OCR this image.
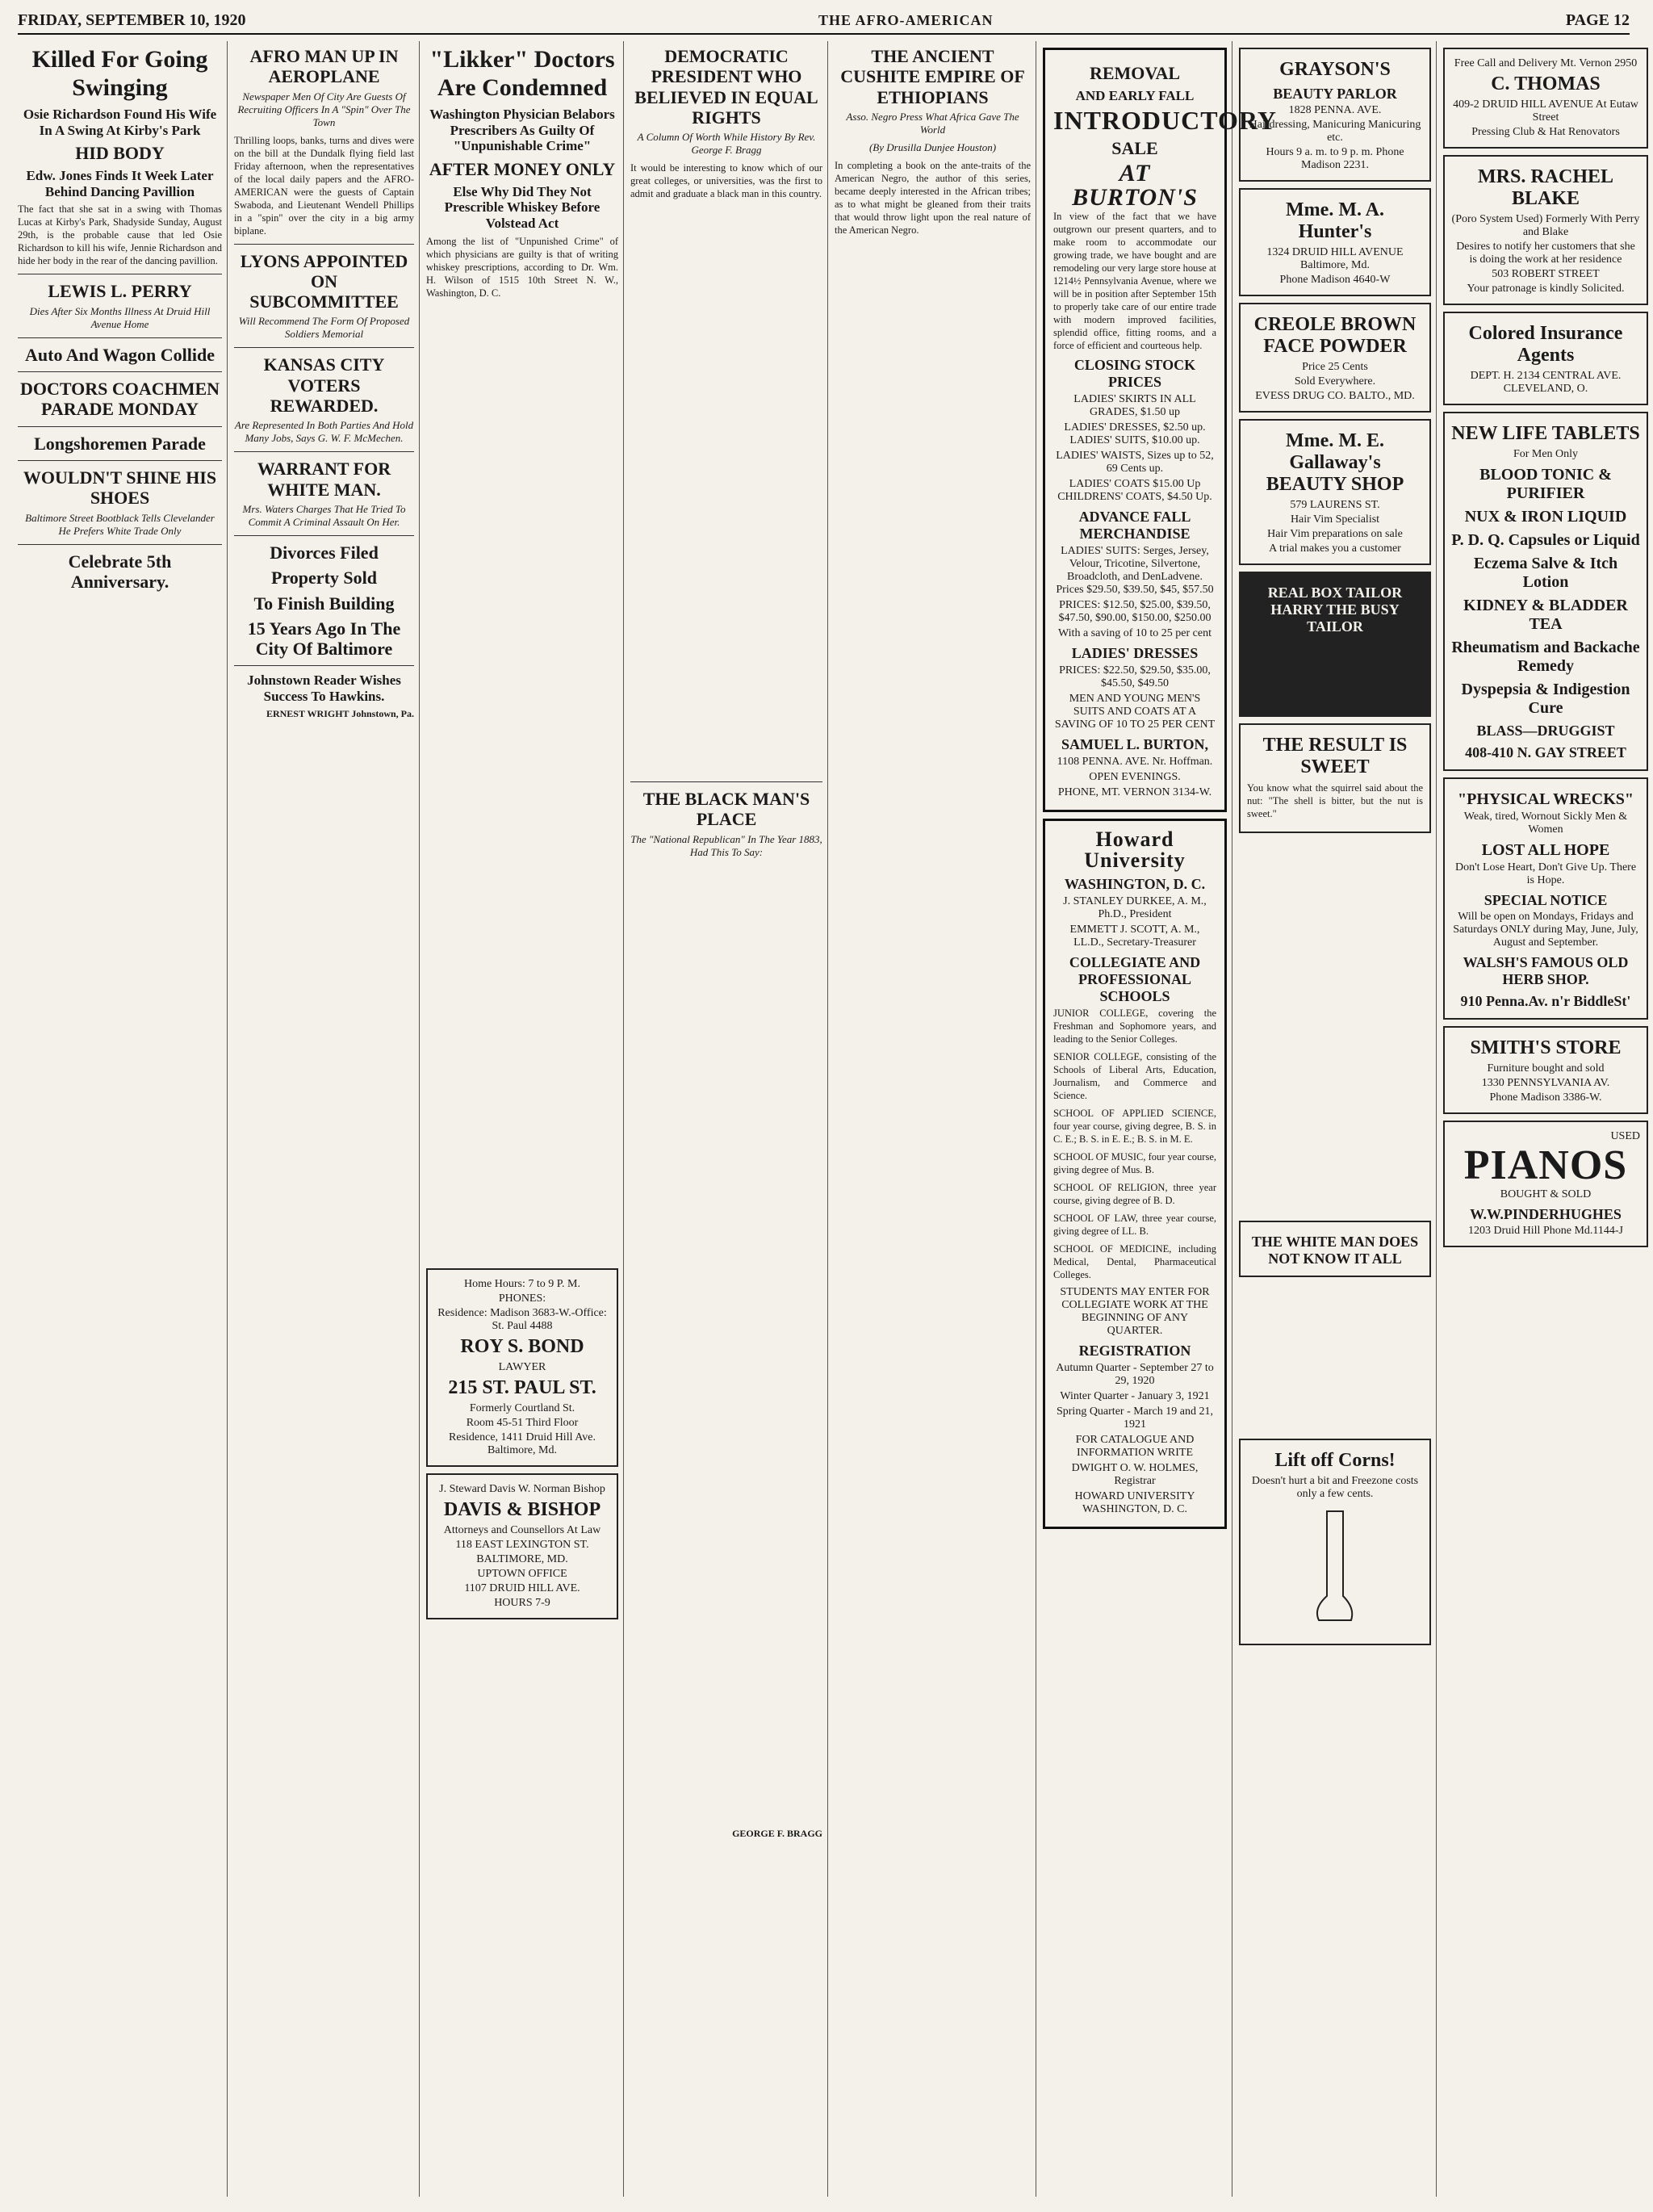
FRIDAY, SEPTEMBER 10, 1920	THE AFRO-AMERICAN	PAGE 12
Killed For Going Swinging
Osie Richardson Found His Wife In A Swing At Kirby's Park
HID BODY
Edw. Jones Finds It Week Later Behind Dancing Pavillion

The fact that she sat in a swing with Thomas Lucas at Kirby's Park, Shadyside Sunday, August 29th, is the probable cause that led Osie Richardson to kill his wife, Jennie Richardson and hide her body in the rear of the dancing pavillion.

LEWIS L. PERRY
Dies After Six Months Illness At Druid Hill Avenue Home
Auto And Wagon Collide
DOCTORS COACHMEN PARADE MONDAY
Longshoremen Parade
WOULDN'T SHINE HIS SHOES
Baltimore Street Bootblack Tells Clevelander He Prefers White Trade Only
Celebrate 5th Anniversary.
AFRO MAN UP IN AEROPLANE
Newspaper Men Of City Are Guests Of Recruiting Officers In A "Spin" Over The Town

Thrilling loops, banks, turns and dives were on the bill at the Dundalk flying field last Friday afternoon, when the representatives of the local daily papers and the AFRO-AMERICAN were the guests of Captain Swaboda, and Lieutenant Wendell Phillips in a "spin" over the city in a big army biplane.

LYONS APPOINTED ON SUBCOMMITTEE
Will Recommend The Form Of Proposed Soldiers Memorial
KANSAS CITY VOTERS REWARDED.
Are Represented In Both Parties And Hold Many Jobs, Says G. W. F. McMechen.
WARRANT FOR WHITE MAN.
Mrs. Waters Charges That He Tried To Commit A Criminal Assault On Her.
Divorces Filed
Property Sold
To Finish Building
15 Years Ago In The City Of Baltimore
Johnstown Reader Wishes Success To Hawkins.
ERNEST WRIGHT Johnstown, Pa.
"Likker" Doctors Are Condemned
Washington Physician Belabors Prescribers As Guilty Of "Unpunishable Crime"
AFTER MONEY ONLY
Else Why Did They Not Prescrible Whiskey Before Volstead Act

Among the list of "Unpunished Crime" of which physicians are guilty is that of writing whiskey prescriptions, according to Dr. Wm. H. Wilson of 1515 10th Street N. W., Washington, D. C.

Home Hours: 7 to 9 P. M.
PHONES:
Residence: Madison 3683-W.-Office: St. Paul 4488
ROY S. BOND
LAWYER
215 ST. PAUL ST.
Formerly Courtland St.
Room 45-51 Third Floor
Residence, 1411 Druid Hill Ave. Baltimore, Md.
J. Steward Davis W. Norman Bishop
DAVIS & BISHOP
Attorneys and Counsellors At Law
118 EAST LEXINGTON ST.
BALTIMORE, MD.
UPTOWN OFFICE
1107 DRUID HILL AVE.
HOURS 7-9
DEMOCRATIC PRESIDENT WHO BELIEVED IN EQUAL RIGHTS
A Column Of Worth While History By Rev. George F. Bragg

It would be interesting to know which of our great colleges, or universities, was the first to admit and graduate a black man in this country.

THE BLACK MAN'S PLACE
The "National Republican" In The Year 1883, Had This To Say:
GEORGE F. BRAGG
THE ANCIENT CUSHITE EMPIRE OF ETHIOPIANS
Asso. Negro Press What Africa Gave The World
(By Drusilla Dunjee Houston)

In completing a book on the ante-traits of the American Negro, the author of this series, became deeply interested in the African tribes; as to what might be gleaned from their traits that would throw light upon the real nature of the American Negro.

REMOVAL
AND EARLY FALL
INTRODUCTORY
SALE
AT BURTON'S

In view of the fact that we have outgrown our present quarters, and to make room to accommodate our growing trade, we have bought and are remodeling our very large store house at 1214½ Pennsylvania Avenue, where we will be in position after September 15th to properly take care of our entire trade with modern improved facilities, splendid office, fitting rooms, and a force of efficient and courteous help.

CLOSING STOCK PRICES
LADIES' SKIRTS IN ALL GRADES, $1.50 up
LADIES' DRESSES, $2.50 up. LADIES' SUITS, $10.00 up.
LADIES' WAISTS, Sizes up to 52, 69 Cents up.
LADIES' COATS $15.00 Up CHILDRENS' COATS, $4.50 Up.
ADVANCE FALL MERCHANDISE
LADIES' SUITS: Serges, Jersey, Velour, Tricotine, Silvertone, Broadcloth, and DenLadvene. Prices $29.50, $39.50, $45, $57.50
PRICES: $12.50, $25.00, $39.50, $47.50, $90.00, $150.00, $250.00
With a saving of 10 to 25 per cent
LADIES' DRESSES
PRICES: $22.50, $29.50, $35.00, $45.50, $49.50
MEN AND YOUNG MEN'S SUITS AND COATS AT A SAVING OF 10 TO 25 PER CENT
SAMUEL L. BURTON,
1108 PENNA. AVE. Nr. Hoffman.
OPEN EVENINGS.
PHONE, MT. VERNON 3134-W.
Howard University
WASHINGTON, D. C.
J. STANLEY DURKEE, A. M., Ph.D., President
EMMETT J. SCOTT, A. M., LL.D., Secretary-Treasurer
COLLEGIATE AND PROFESSIONAL SCHOOLS

JUNIOR COLLEGE, covering the Freshman and Sophomore years, and leading to the Senior Colleges.

SENIOR COLLEGE, consisting of the Schools of Liberal Arts, Education, Journalism, and Commerce and Science.

SCHOOL OF APPLIED SCIENCE, four year course, giving degree, B. S. in C. E.; B. S. in E. E.; B. S. in M. E.

SCHOOL OF MUSIC, four year course, giving degree of Mus. B.

SCHOOL OF RELIGION, three year course, giving degree of B. D.

SCHOOL OF LAW, three year course, giving degree of LL. B.

SCHOOL OF MEDICINE, including Medical, Dental, Pharmaceutical Colleges.

STUDENTS MAY ENTER FOR COLLEGIATE WORK AT THE BEGINNING OF ANY QUARTER.
REGISTRATION
Autumn Quarter - September 27 to 29, 1920
Winter Quarter - January 3, 1921
Spring Quarter - March 19 and 21, 1921
FOR CATALOGUE AND INFORMATION WRITE
DWIGHT O. W. HOLMES, Registrar
HOWARD UNIVERSITY WASHINGTON, D. C.
GRAYSON'S
BEAUTY PARLOR
1828 PENNA. AVE.
Hairdressing, Manicuring Manicuring etc.
Hours 9 a. m. to 9 p. m. Phone Madison 2231.
Mme. M. A. Hunter's
1324 DRUID HILL AVENUE Baltimore, Md.
Phone Madison 4640-W
CREOLE BROWN FACE POWDER
Price 25 Cents
Sold Everywhere.
EVESS DRUG CO. BALTO., MD.
Mme. M. E. Gallaway's BEAUTY SHOP
579 LAURENS ST.
Hair Vim Specialist
Hair Vim preparations on sale
A trial makes you a customer
REAL BOX TAILOR HARRY THE BUSY TAILOR
THE RESULT IS SWEET

You know what the squirrel said about the nut: "The shell is bitter, but the nut is sweet."

THE WHITE MAN DOES NOT KNOW IT ALL
Lift off Corns!
Doesn't hurt a bit and Freezone costs only a few cents.
Free Call and Delivery Mt. Vernon 2950
C. THOMAS
409-2 DRUID HILL AVENUE At Eutaw Street
Pressing Club & Hat Renovators
MRS. RACHEL BLAKE
(Poro System Used) Formerly With Perry and Blake
Desires to notify her customers that she is doing the work at her residence
503 ROBERT STREET
Your patronage is kindly Solicited.
Colored Insurance Agents
DEPT. H. 2134 CENTRAL AVE. CLEVELAND, O.
NEW LIFE TABLETS
For Men Only
BLOOD TONIC & PURIFIER
NUX & IRON LIQUID
P. D. Q. Capsules or Liquid
Eczema Salve & Itch Lotion
KIDNEY & BLADDER TEA
Rheumatism and Backache Remedy
Dyspepsia & Indigestion Cure
BLASS—DRUGGIST
408-410 N. GAY STREET
"PHYSICAL WRECKS"
Weak, tired, Wornout Sickly Men & Women
LOST ALL HOPE
Don't Lose Heart, Don't Give Up. There is Hope.
SPECIAL NOTICE
Will be open on Mondays, Fridays and Saturdays ONLY during May, June, July, August and September.
WALSH'S FAMOUS OLD HERB SHOP.
910 Penna.Av. n'r BiddleSt'
SMITH'S STORE
Furniture bought and sold
1330 PENNSYLVANIA AV.
Phone Madison 3386-W.
USED
PIANOS
BOUGHT & SOLD
W.W.PINDERHUGHES
1203 Druid Hill Phone Md.1144-J
